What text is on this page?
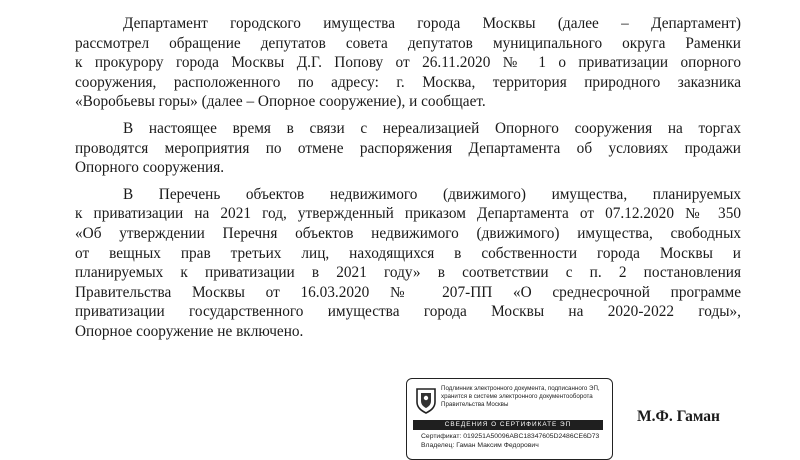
Департамент городского имущества города Москвы (далее – Департамент)
рассмотрел обращение депутатов совета депутатов муниципального округа Раменки
к прокурору города Москвы Д.Г. Попову от 26.11.2020 № 1 о приватизации опорного
сооружения, расположенного по адресу: г. Москва, территория природного заказника
«Воробьевы горы» (далее – Опорное сооружение), и сообщает.

В настоящее время в связи с нереализацией Опорного сооружения на торгах
проводятся мероприятия по отмене распоряжения Департамента об условиях продажи
Опорного сооружения.

В Перечень объектов недвижимого (движимого) имущества, планируемых
к приватизации на 2021 год, утвержденный приказом Департамента от 07.12.2020 № 350
«Об утверждении Перечня объектов недвижимого (движимого) имущества, свободных
от вещных прав третьих лиц, находящихся в собственности города Москвы и
планируемых к приватизации в 2021 году» в соответствии с п. 2 постановления
Правительства Москвы от 16.03.2020 № 207-ПП «О среднесрочной программе
приватизации государственного имущества города Москвы на 2020-2022 годы»,
Опорное сооружение не включено.

Подлинник электронного документа, подписанного ЭП,
хранится в системе электронного документооборота
Правительства Москвы
СВЕДЕНИЯ О СЕРТИФИКАТЕ ЭП
Сертификат: 019251A50096ABC18347605D2486CE6D73
Владелец: Гаман Максим Федорович
М.Ф. Гаман
